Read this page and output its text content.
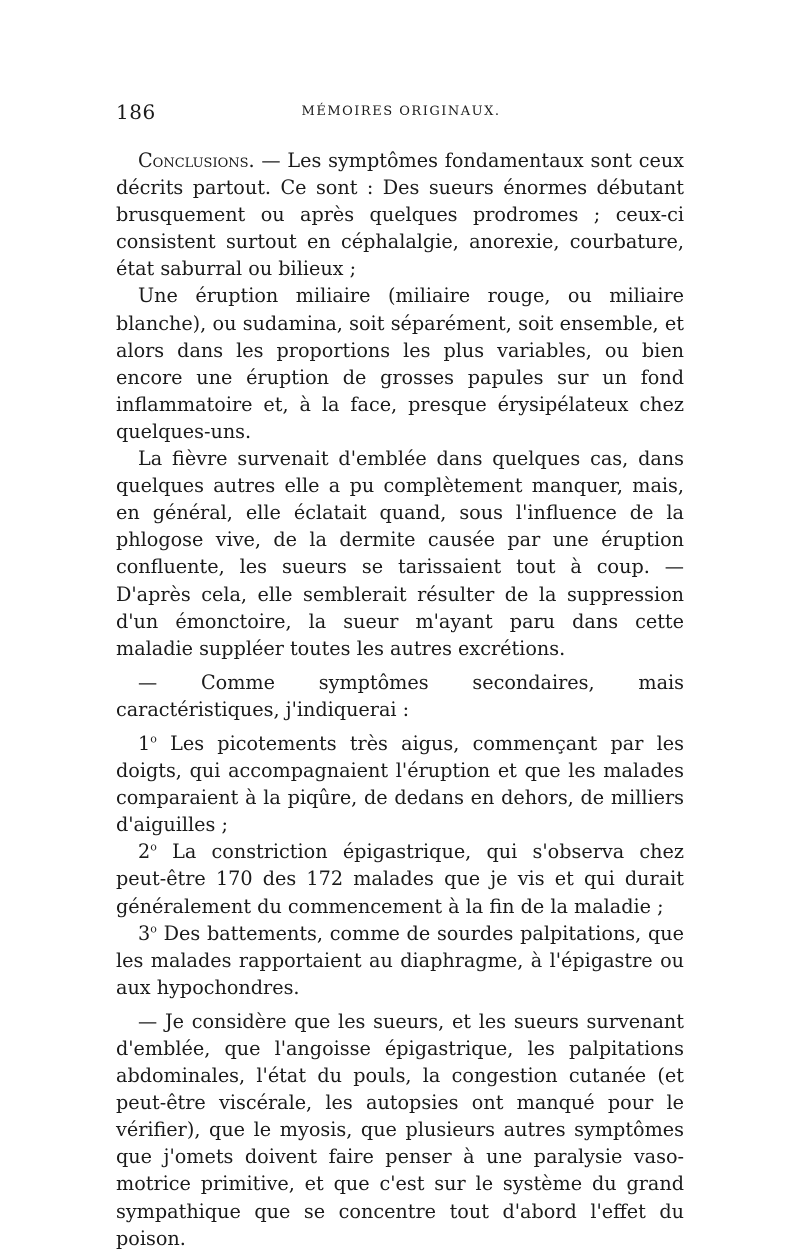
186	MÉMOIRES ORIGINAUX.

Conclusions. — Les symptômes fondamentaux sont ceux décrits partout. Ce sont : Des sueurs énormes débutant brusquement ou après quelques prodromes ; ceux-ci consistent surtout en céphalalgie, anorexie, courbature, état saburral ou bilieux ;

Une éruption miliaire (miliaire rouge, ou miliaire blanche), ou sudamina, soit séparément, soit ensemble, et alors dans les proportions les plus variables, ou bien encore une éruption de grosses papules sur un fond inflammatoire et, à la face, presque érysipélateux chez quelques-uns.

La fièvre survenait d'emblée dans quelques cas, dans quelques autres elle a pu complètement manquer, mais, en général, elle éclatait quand, sous l'influence de la phlogose vive, de la dermite causée par une éruption confluente, les sueurs se tarissaient tout à coup. — D'après cela, elle semblerait résulter de la suppression d'un émonctoire, la sueur m'ayant paru dans cette maladie suppléer toutes les autres excrétions.

— Comme symptômes secondaires, mais caractéristiques, j'indiquerai :

1$^o$ Les picotements très aigus, commençant par les doigts, qui accompagnaient l'éruption et que les malades comparaient à la piqûre, de dedans en dehors, de milliers d'aiguilles ;

2$^o$ La constriction épigastrique, qui s'observa chez peut-être 170 des 172 malades que je vis et qui durait généralement du commencement à la fin de la maladie ;

3$^o$ Des battements, comme de sourdes palpitations, que les malades rapportaient au diaphragme, à l'épigastre ou aux hypochondres.

— Je considère que les sueurs, et les sueurs survenant d'emblée, que l'angoisse épigastrique, les palpitations abdominales, l'état du pouls, la congestion cutanée (et peut-être viscérale, les autopsies ont manqué pour le vérifier), que le myosis, que plusieurs autres symptômes que j'omets doivent faire penser à une paralysie vaso-motrice primitive, et que c'est sur le système du grand sympathique que se concentre tout d'abord l'effet du poison.
